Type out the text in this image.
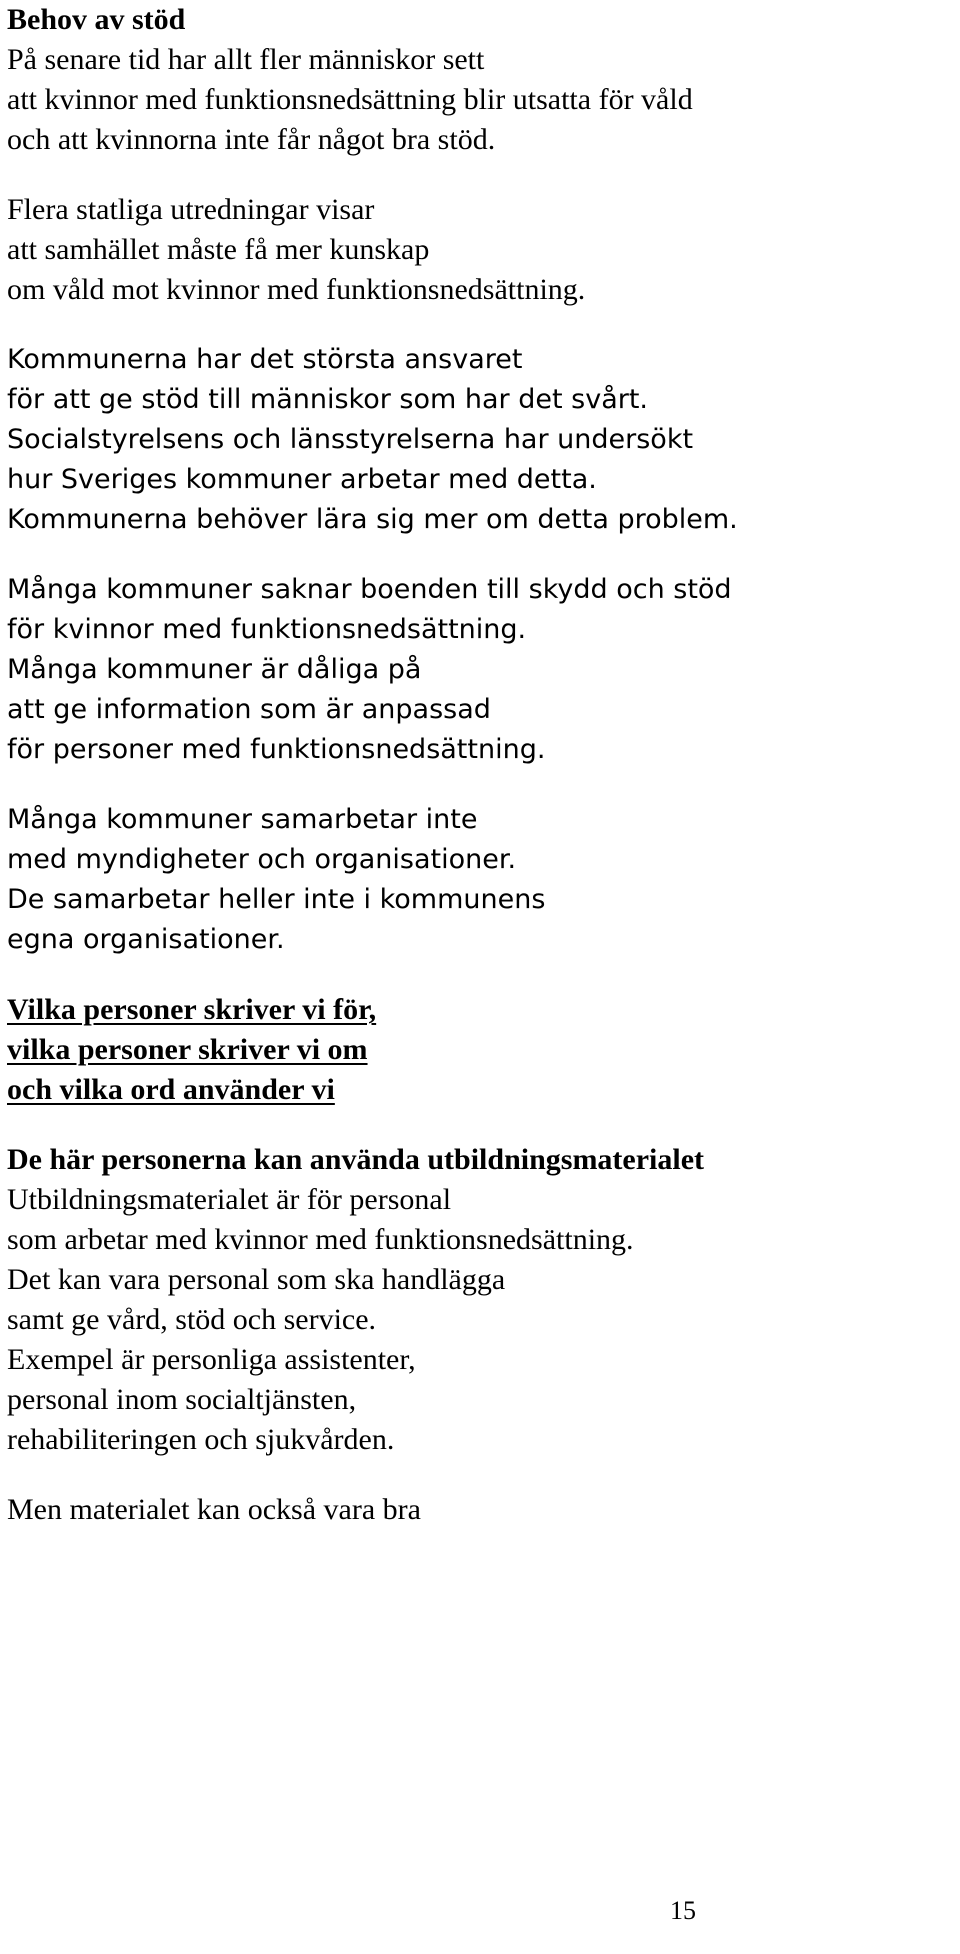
Behov av stöd
På senare tid har allt fler människor sett
att kvinnor med funktionsnedsättning blir utsatta för våld
och att kvinnorna inte får något bra stöd.
Flera statliga utredningar visar
att samhället måste få mer kunskap
om våld mot kvinnor med funktionsnedsättning.
Kommunerna har det största ansvaret
för att ge stöd till människor som har det svårt.
Socialstyrelsens och länsstyrelserna har undersökt
hur Sveriges kommuner arbetar med detta.
Kommunerna behöver lära sig mer om detta problem.
Många kommuner saknar boenden till skydd och stöd
för kvinnor med funktionsnedsättning.
Många kommuner är dåliga på
att ge information som är anpassad
för personer med funktionsnedsättning.
Många kommuner samarbetar inte
med myndigheter och organisationer.
De samarbetar heller inte i kommunens
egna organisationer.
Vilka personer skriver vi för,
vilka personer skriver vi om
och vilka ord använder vi
De här personerna kan använda utbildningsmaterialet
Utbildningsmaterialet är för personal
som arbetar med kvinnor med funktionsnedsättning.
Det kan vara personal som ska handlägga
samt ge vård, stöd och service.
Exempel är personliga assistenter,
personal inom socialtjänsten,
rehabiliteringen och sjukvården.
Men materialet kan också vara bra
15
